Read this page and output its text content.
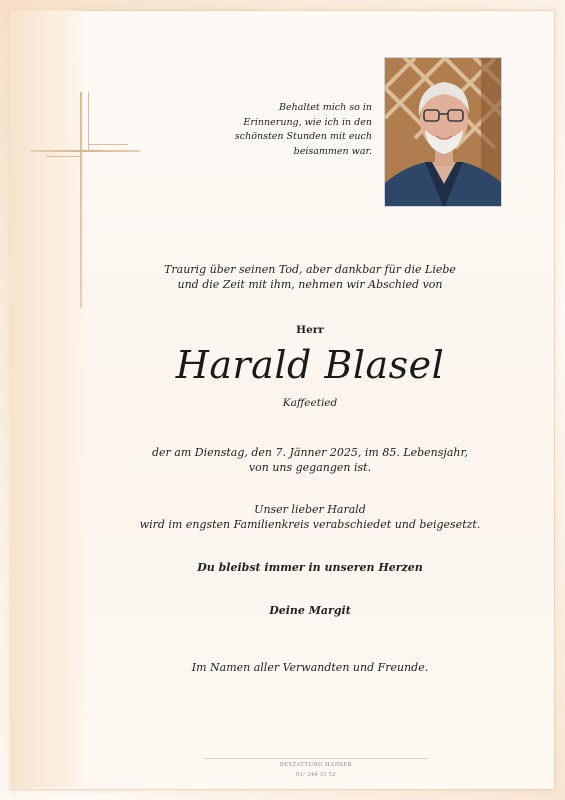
Behaltet mich so in
Erinnerung, wie ich in den
schönsten Stunden mit euch
beisammen war.
Traurig über seinen Tod, aber dankbar für die Liebe
und die Zeit mit ihm, nehmen wir Abschied von
Herr
Harald Blasel
Kaffeetied
der am Dienstag, den 7. Jänner 2025, im 85. Lebensjahr,
von uns gegangen ist.
Unser lieber Harald
wird im engsten Familienkreis verabschiedet und beigesetzt.
Du bleibst immer in unseren Herzen
Deine Margit
Im Namen aller Verwandten und Freunde.
BESTATTUNG HANSER
01/ 244 33 52
